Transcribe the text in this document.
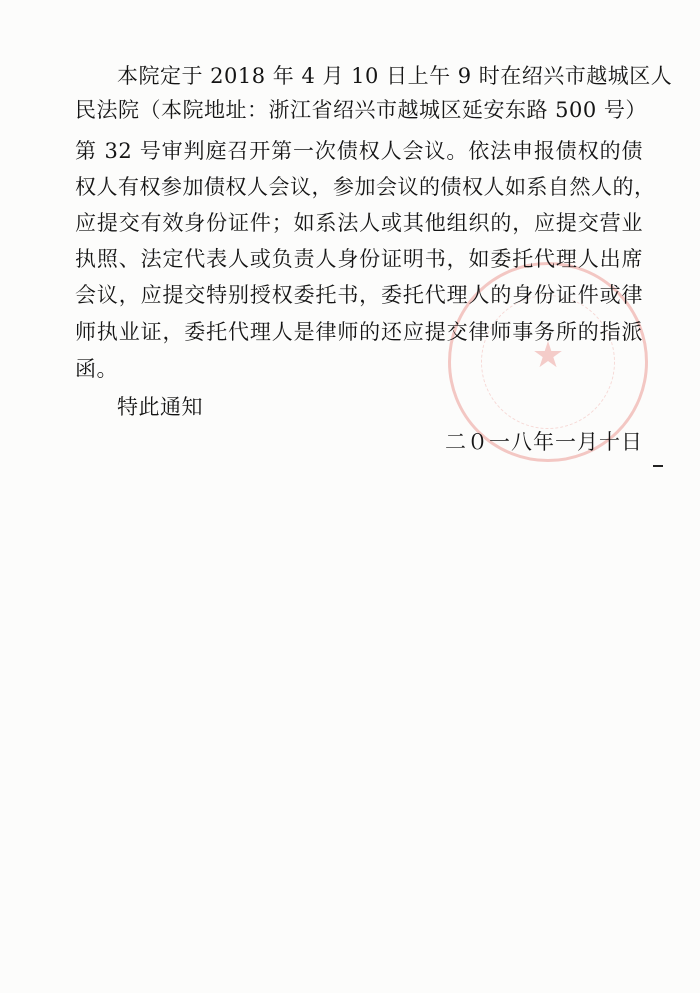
★
本院定于 2018 年 4 月 10 日上午 9 时在绍兴市越城区人
民法院（本院地址：浙江省绍兴市越城区延安东路 500 号）
第 32 号审判庭召开第一次债权人会议。依法申报债权的债
权人有权参加债权人会议，参加会议的债权人如系自然人的，
应提交有效身份证件；如系法人或其他组织的，应提交营业
执照、法定代表人或负责人身份证明书，如委托代理人出席
会议，应提交特别授权委托书，委托代理人的身份证件或律
师执业证，委托代理人是律师的还应提交律师事务所的指派
函。
特此通知
二０一八年一月十日
